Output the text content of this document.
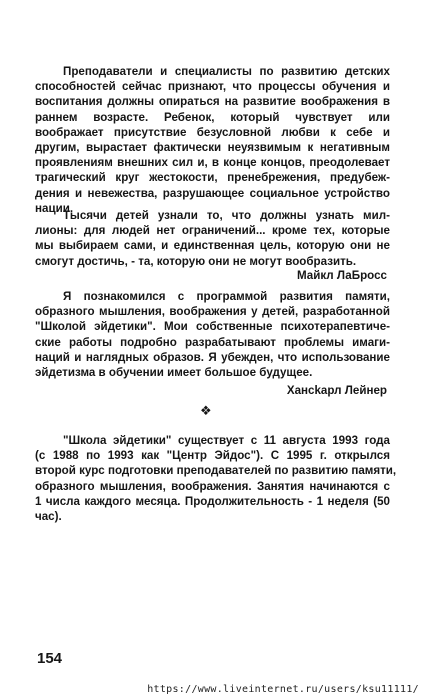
Преподаватели и специалисты по развитию детских
способностей сейчас признают, что процессы обучения и
воспитания должны опираться на развитие воображения в
раннем возрасте. Ребенок, который чувствует или
воображает присутствие безусловной любви к себе и
другим, вырастает фактически неуязвимым к негативным
проявлениям внешних сил и, в конце концов, преодолевает
трагический круг жестокости, пренебрежения, предубеж-
дения и невежества, разрушающее социальное устройство
нации.
Тысячи детей узнали то, что должны узнать мил-
лионы: для людей нет ограничений... кроме тех, которые
мы выбираем сами, и единственная цель, которую они не
смогут достичь, - та, которую они не могут вообразить.
Майкл ЛаБросс
Я познакомился с программой развития памяти,
образного мышления, воображения у детей, разработанной
"Школой эйдетики". Мои собственные психотерапевтиче-
ские работы подробно разрабатывают проблемы имаги-
наций и наглядных образов. Я убежден, что использование
эйдетизма в обучении имеет большое будущее.
Хансkарл Лейнер
❖
"Школа эйдетики" существует с 11 августа 1993 года
(с 1988 по 1993 как "Центр Эйдос"). С 1995 г. открылся
второй курс подготовки преподавателей по развитию памяти,
образного мышления, воображения. Занятия начинаются с
1 числа каждого месяца. Продолжительность - 1 неделя (50
час).
154
https://www.liveinternet.ru/users/ksu11111/
